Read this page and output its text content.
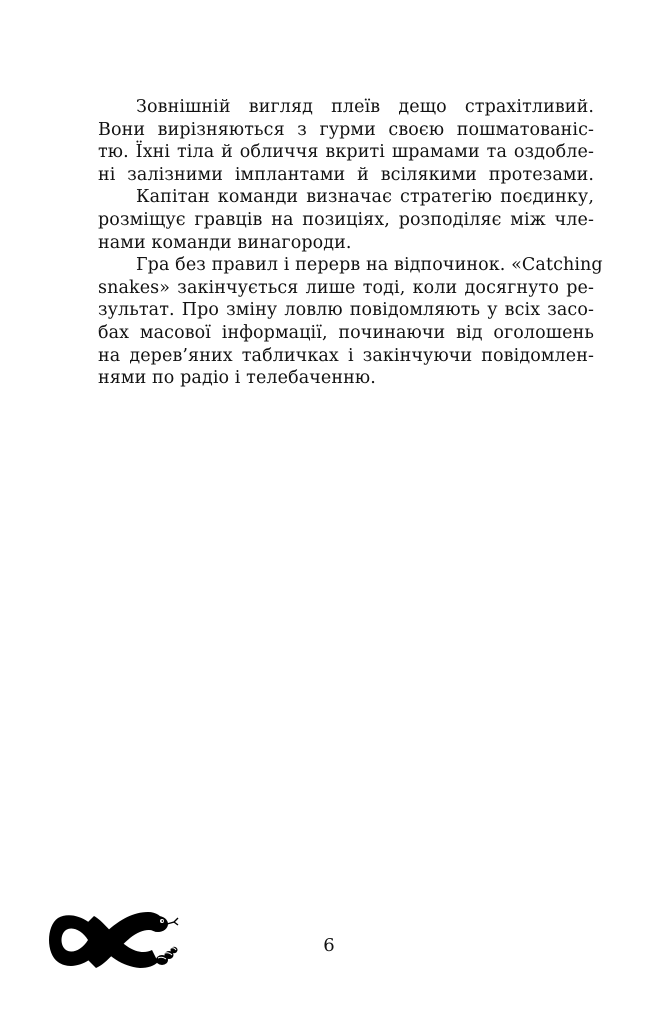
Зовнішній вигляд плеїв дещо страхітливий.
Вони вирізняються з гурми своєю пошматованіс-
тю. Їхні тіла й обличчя вкриті шрамами та оздобле-
ні залізними імплантами й всілякими протезами.
Капітан команди визначає стратегію поєдинку,
розміщує гравців на позиціях, розподіляє між чле-
нами команди винагороди.
Гра без правил і перерв на відпочинок. «Catching
snakes» закінчується лише тоді, коли досягнуто ре-
зультат. Про зміну ловлю повідомляють у всіх засо-
бах масової інформації, починаючи від оголошень
на дерев’яних табличках і закінчуючи повідомлен-
нями по радіо і телебаченню.
6
